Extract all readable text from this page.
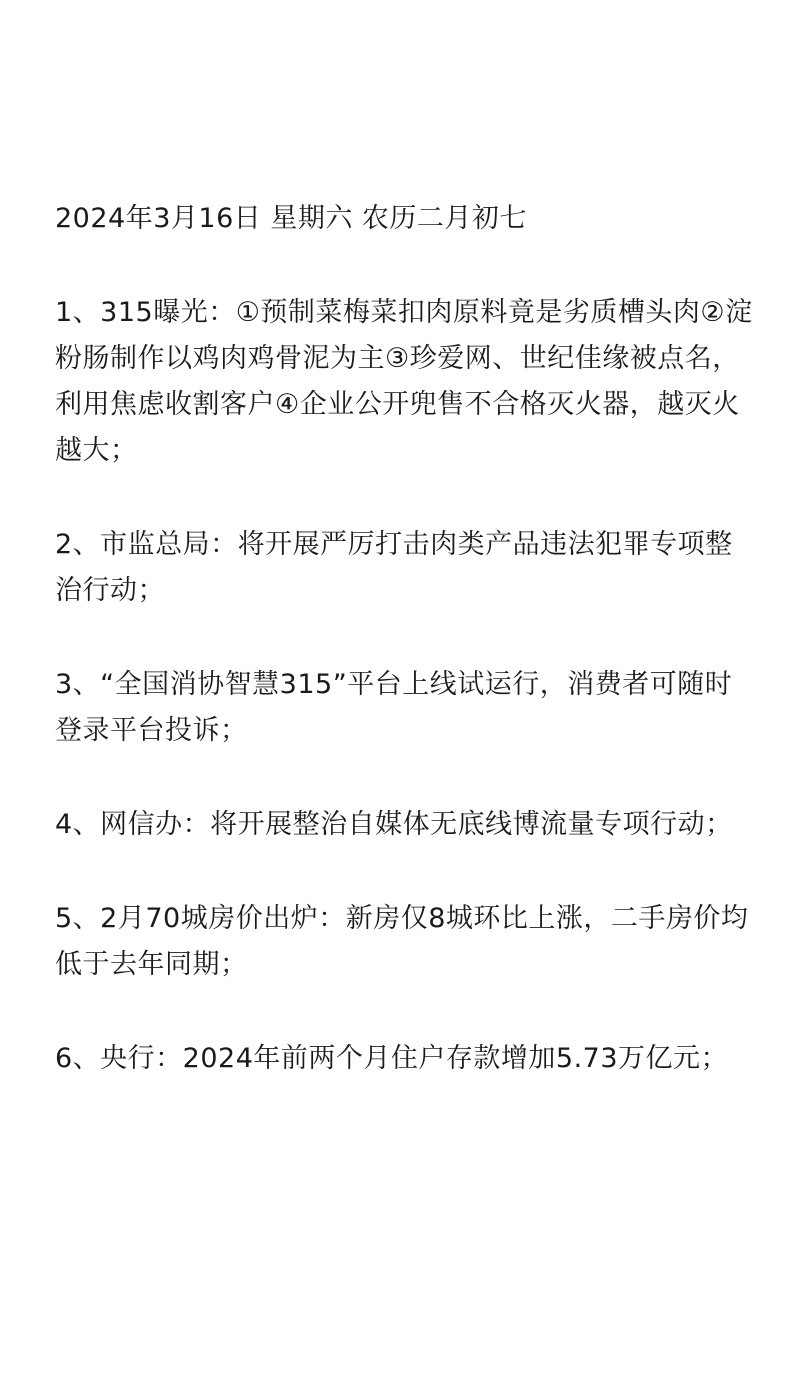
2024年3月16日 星期六 农历二月初七
1、315曝光：①预制菜梅菜扣肉原料竟是劣质槽头肉②淀粉肠制作以鸡肉鸡骨泥为主③珍爱网、世纪佳缘被点名，利用焦虑收割客户④企业公开兜售不合格灭火器，越灭火越大；
2、市监总局：将开展严厉打击肉类产品违法犯罪专项整治行动；
3、“全国消协智慧315”平台上线试运行，消费者可随时登录平台投诉；
4、网信办：将开展整治自媒体无底线博流量专项行动；
5、2月70城房价出炉：新房仅8城环比上涨，二手房价均低于去年同期；
6、央行：2024年前两个月住户存款增加5.73万亿元；
